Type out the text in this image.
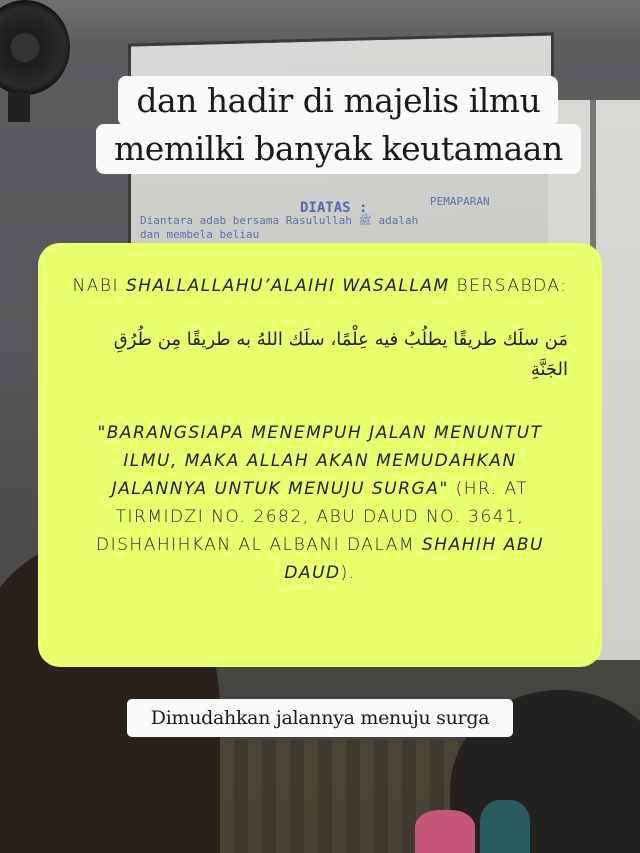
DIATAS :
Diantara adab bersama Rasulullah ﷺ adalah
dan membela beliau
PEMAPARAN
dan hadir di majelis ilmu
memilki banyak keutamaan
NABI SHALLALLAHU’ALAIHI WASALLAM BERSABDA:
مَن سلَك طريقًا يطلُبُ فيه عِلْمًا، سلَك اللهُ به طريقًا مِن طُرُقِ الجَنَّةِ
"BARANGSIAPA MENEMPUH JALAN MENUNTUT ILMU, MAKA ALLAH AKAN MEMUDAHKAN JALANNYA UNTUK MENUJU SURGA" (HR. AT TIRMIDZI NO. 2682, ABU DAUD NO. 3641, DISHAHIHKAN AL ALBANI DALAM SHAHIH ABU DAUD).
Dimudahkan jalannya menuju surga
